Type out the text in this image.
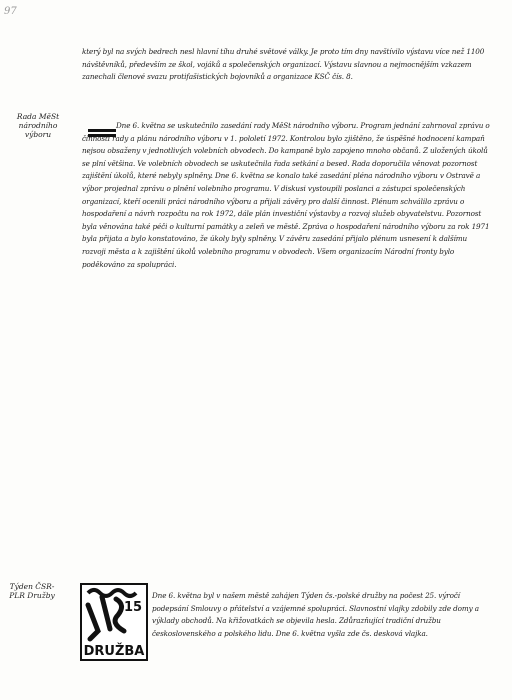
97

který byl na svých bedrech nesl hlavní tíhu druhé světové války. Je proto tím dny navštívilo výstavu více než 1100 návštěvníků, především ze škol, vojáků a společenských organizací. Výstavu slavnou a nejmocnějším vzkazem zanechali členové svazu protifašistických bojovníků a organizace KSČ čís. 8.

Rada MěSt národního výboru

Dne 6. května se uskutečnilo zasedání rady MěSt národního výboru. Program jednání zahrnoval zprávu o činnosti rady a plánu národního výboru v 1. pololetí 1972. Kontrolou bylo zjištěno, že úspěšné hodnocení kampaň nejsou obsaženy v jednotlivých volebních obvodech. Do kampaně bylo zapojeno mnoho občanů. Z uložených úkolů se plní většina. Ve volebních obvodech se uskutečnila řada setkání a besed. Rada doporučila věnovat pozornost zajištění úkolů, které nebyly splněny. Dne 6. května se konalo také zasedání pléna národního výboru v Ostravě a výbor projednal zprávu o plnění volebního programu. V diskusi vystoupili poslanci a zástupci společenských organizací, kteří ocenili práci národního výboru a přijali závěry pro další činnost. Plénum schválilo zprávu o hospodaření a návrh rozpočtu na rok 1972, dále plán investiční výstavby a rozvoj služeb obyvatelstvu. Pozornost byla věnována také péči o kulturní památky a zeleň ve městě. Zpráva o hospodaření národního výboru za rok 1971 byla přijata a bylo konstatováno, že úkoly byly splněny. V závěru zasedání přijalo plénum usnesení k dalšímu rozvoji města a k zajištění úkolů volebního programu v obvodech. Všem organizacím Národní fronty bylo poděkováno za spolupráci.

Týden ČSR-PLR Družby
15
DRUŽBA

Dne 6. května byl v našem městě zahájen Týden čs.-polské družby na počest 25. výročí podepsání Smlouvy o přátelství a vzájemné spolupráci. Slavnostní vlajky zdobily zde domy a výklady obchodů. Na křižovatkách se objevila hesla. Zdůrazňující tradiční družbu československého a polského lidu. Dne 6. května vyšla zde čs. desková vlajka.
